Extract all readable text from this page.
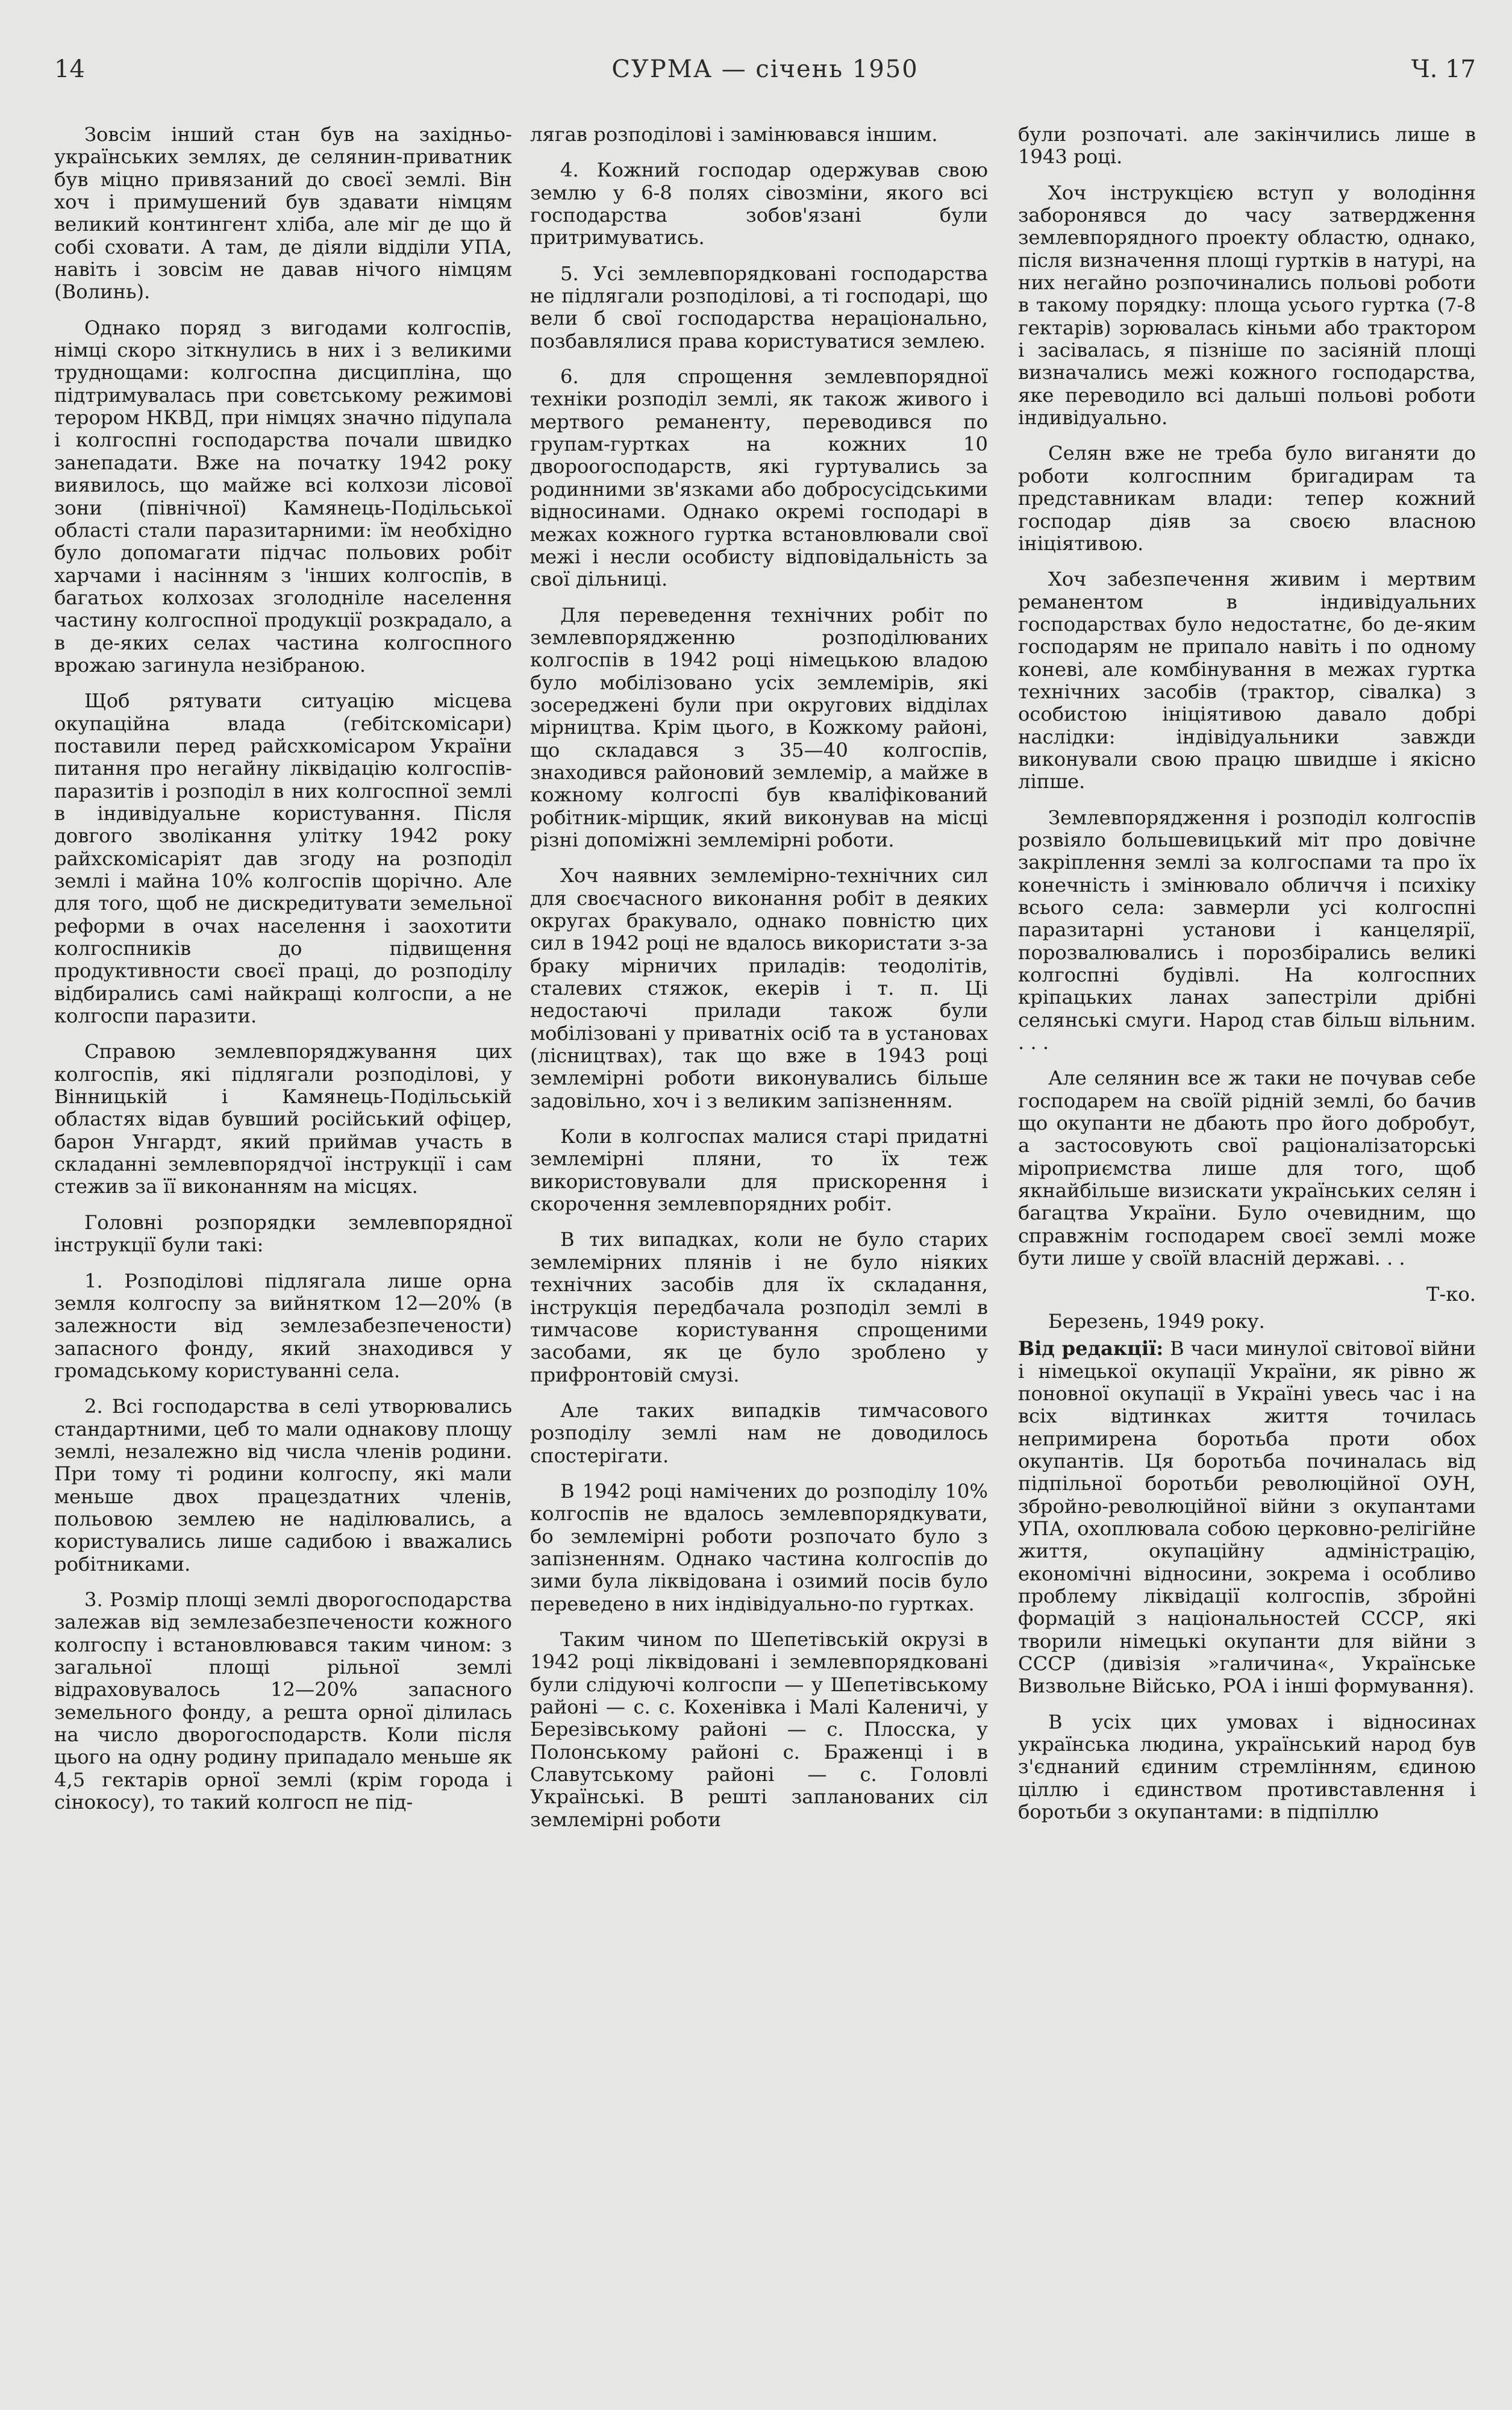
14	СУРМА — січень 1950	Ч. 17

Зовсім інший стан був на західньо-українських землях, де селянин-приватник був міцно привязаний до своєї землі. Він хоч і примушений був здавати німцям великий контингент хліба, але міг де що й собі сховати. А там, де діяли відділи УПА, навіть і зовсім не давав нічого німцям (Волинь).

Однако поряд з вигодами колгоспів, німці скоро зіткнулись в них і з великими труднощами: колгоспна дисципліна, що підтримувалась при совєтському режимові терором НКВД, при німцях значно підупала і колгоспні господарства почали швидко занепадати. Вже на початку 1942 року виявилось, що майже всі колхози лісової зони (північної) Камянець-Подільської області стали паразитарними: їм необхідно було допомагати підчас польових робіт харчами і насінням з 'інших колгоспів, в багатьох колхозах зголодніле населення частину колгоспної продукції розкрадало, а в де-яких селах частина колгоспного врожаю загинула незібраною.

Щоб рятувати ситуацію місцева окупаційна влада (гебітскомісари) поставили перед райсхкомісаром України питання про негайну ліквідацію колгоспів-паразитів і розподіл в них колгоспної землі в індивідуальне користування. Після довгого зволікання улітку 1942 року райхскомісаріят дав згоду на розподіл землі і майна 10% колгоспів щорічно. Але для того, щоб не дискредитувати земельної реформи в очах населення і заохотити колгоспників до підвищення продуктивности своєї праці, до розподілу відбирались самі найкращі колгоспи, а не колгоспи паразити.

Справою землевпоряджування цих колгоспів, які підлягали розподілові, у Вінницькій і Камянець-Подільській областях відав бувший російський офіцер, барон Унгардт, який приймав участь в складанні землевпорядчої інструкції і сам стежив за її виконанням на місцях.

Головні розпорядки землевпорядної інструкції були такі:

1. Розподілові підлягала лише орна земля колгоспу за вийнятком 12—20% (в залежности від землезабезпечености) запасного фонду, який знаходився у громадському користуванні села.

2. Всі господарства в селі утворювались стандартними, цеб то мали однакову площу землі, незалежно від числа членів родини. При тому ті родини колгоспу, які мали меньше двох працездатних членів, польовою землею не наділювались, а користувались лише садибою і вважались робітниками.

3. Розмір площі землі дворогосподарства залежав від землезабезпечености кожного колгоспу і встановлювався таким чином: з загальної площі рільної землі відраховувалось 12—20% запасного земельного фонду, а решта орної ділилась на число дворогосподарств. Коли після цього на одну родину припадало меньше як 4,5 гектарів орної землі (крім города і сінокосу), то такий колгосп не під-

лягав розподілові і замінювався іншим.

4. Кожний господар одержував свою землю у 6-8 полях сівозміни, якого всі господарства зобов'язані були притримуватись.

5. Усі землевпорядковані господарства не підлягали розподілові, а ті господарі, що вели б свої господарства нераціонально, позбавлялися права користуватися землею.

6. для спрощення землевпорядної техніки розподіл землі, як також живого і мертвого реманенту, переводився по групам-гуртках на кожних 10 двороогосподарств, які гуртувались за родинними зв'язками або добросусідськими відносинами. Однако окремі господарі в межах кожного гуртка встановлювали свої межі і несли особисту відповідальність за свої дільниці.

Для переведення технічних робіт по землевпорядженню розподілюваних колгоспів в 1942 році німецькою владою було мобілізовано усіх землемірів, які зосереджені були при округових відділах мірництва. Крім цього, в Кожкому районі, що складався з 35—40 колгоспів, знаходився районовий землемір, а майже в кожному колгоспі був кваліфікований робітник-мірщик, який виконував на місці різні допоміжні землемірні роботи.

Хоч наявних землемірно-технічних сил для своєчасного виконання робіт в деяких округах бракувало, однако повністю цих сил в 1942 році не вдалось використати з-за браку мірничих приладів: теодолітів, сталевих стяжок, екерів і т. п. Ці недостаючі прилади також були мобілізовані у приватніх осіб та в установах (лісництвах), так що вже в 1943 році землемірні роботи виконувались більше задовільно, хоч і з великим запізненням.

Коли в колгоспах малися старі придатні землемірні пляни, то їх теж використовували для прискорення і скорочення землевпорядних робіт.

В тих випадках, коли не було старих землемірних плянів і не було ніяких технічних засобів для їх складання, інструкція передбачала розподіл землі в тимчасове користування спрощеними засобами, як це було зроблено у прифронтовій смузі.

Але таких випадків тимчасового розподілу землі нам не доводилось спостерігати.

В 1942 році намічених до розподілу 10% колгоспів не вдалось землевпорядкувати, бо землемірні роботи розпочато було з запізненням. Однако частина колгоспів до зими була ліквідована і озимий посів було переведено в них індівідуально-по гуртках.

Таким чином по Шепетівській окрузі в 1942 році ліквідовані і землевпорядковані були слідуючі колгоспи — у Шепетівському районі — с. с. Кохенівка і Малі Каленичі, у Березівському районі — с. Плосска, у Полонському районі с. Браженці і в Славутському районі — с. Головлі Українські. В решті запланованих сіл землемірні роботи

були розпочаті. але закінчились лише в 1943 році.

Хоч інструкцією вступ у володіння заборонявся до часу затвердження землевпорядного проекту областю, однако, після визначення площі гуртків в натурі, на них негайно розпочинались польові роботи в такому порядку: площа усього гуртка (7-8 гектарів) зорювалась кіньми або трактором і засівалась, я пізніше по засіяній площі визначались межі кожного господарства, яке переводило всі дальші польові роботи індивідуально.

Селян вже не треба було виганяти до роботи колгоспним бригадирам та представникам влади: тепер кожний господар діяв за своєю власною ініціятивою.

Хоч забезпечення живим і мертвим реманентом в індивідуальних господарствах було недостатнє, бо де-яким господарям не припало навіть і по одному коневі, але комбінування в межах гуртка технічних засобів (трактор, сівалка) з особистою ініціятивою давало добрі наслідки: індівідуальники завжди виконували свою працю швидше і якісно ліпше.

Землевпорядження і розподіл колгоспів розвіяло большевицький міт про довічне закріплення землі за колгоспами та про їх конечність і змінювало обличчя і психіку всього села: завмерли усі колгоспні паразитарні установи і канцелярії, порозвалювались і порозбірались великі колгоспні будівлі. На колгоспних кріпацьких ланах запестріли дрібні селянські смуги. Народ став більш вільним. . . .

Але селянин все ж таки не почував себе господарем на своїй рідній землі, бо бачив що окупанти не дбають про його добробут, а застосовують свої раціоналізаторські міроприємства лише для того, щоб якнайбільше визискати українських селян і багацтва України. Було очевидним, що справжнім господарем своєї землі може бути лише у своїй власній державі. . .

Т-ко.

Березень, 1949 року.

Від редакції: В часи минулої світової війни і німецької окупації України, як рівно ж поновної окупації в Україні увесь час і на всіх відтинках життя точилась непримирена боротьба проти обох окупантів. Ця боротьба починалась від підпільної боротьби революційної ОУН, збройно-революційної війни з окупантами УПА, охоплювала собою церковно-релігійне життя, окупаційну адміністрацію, економічні відносини, зокрема і особливо проблему ліквідації колгоспів, збройні формацій з національностей СССР, які творили німецькі окупанти для війни з СССР (дивізія »галичина«, Українське Визвольне Військо, РОА і інші формування).

В усіх цих умовах і відносинах українська людина, український народ був з'єднаний єдиним стремлінням, єдиною ціллю і єдинством противставлення і боротьби з окупантами: в підпіллю
